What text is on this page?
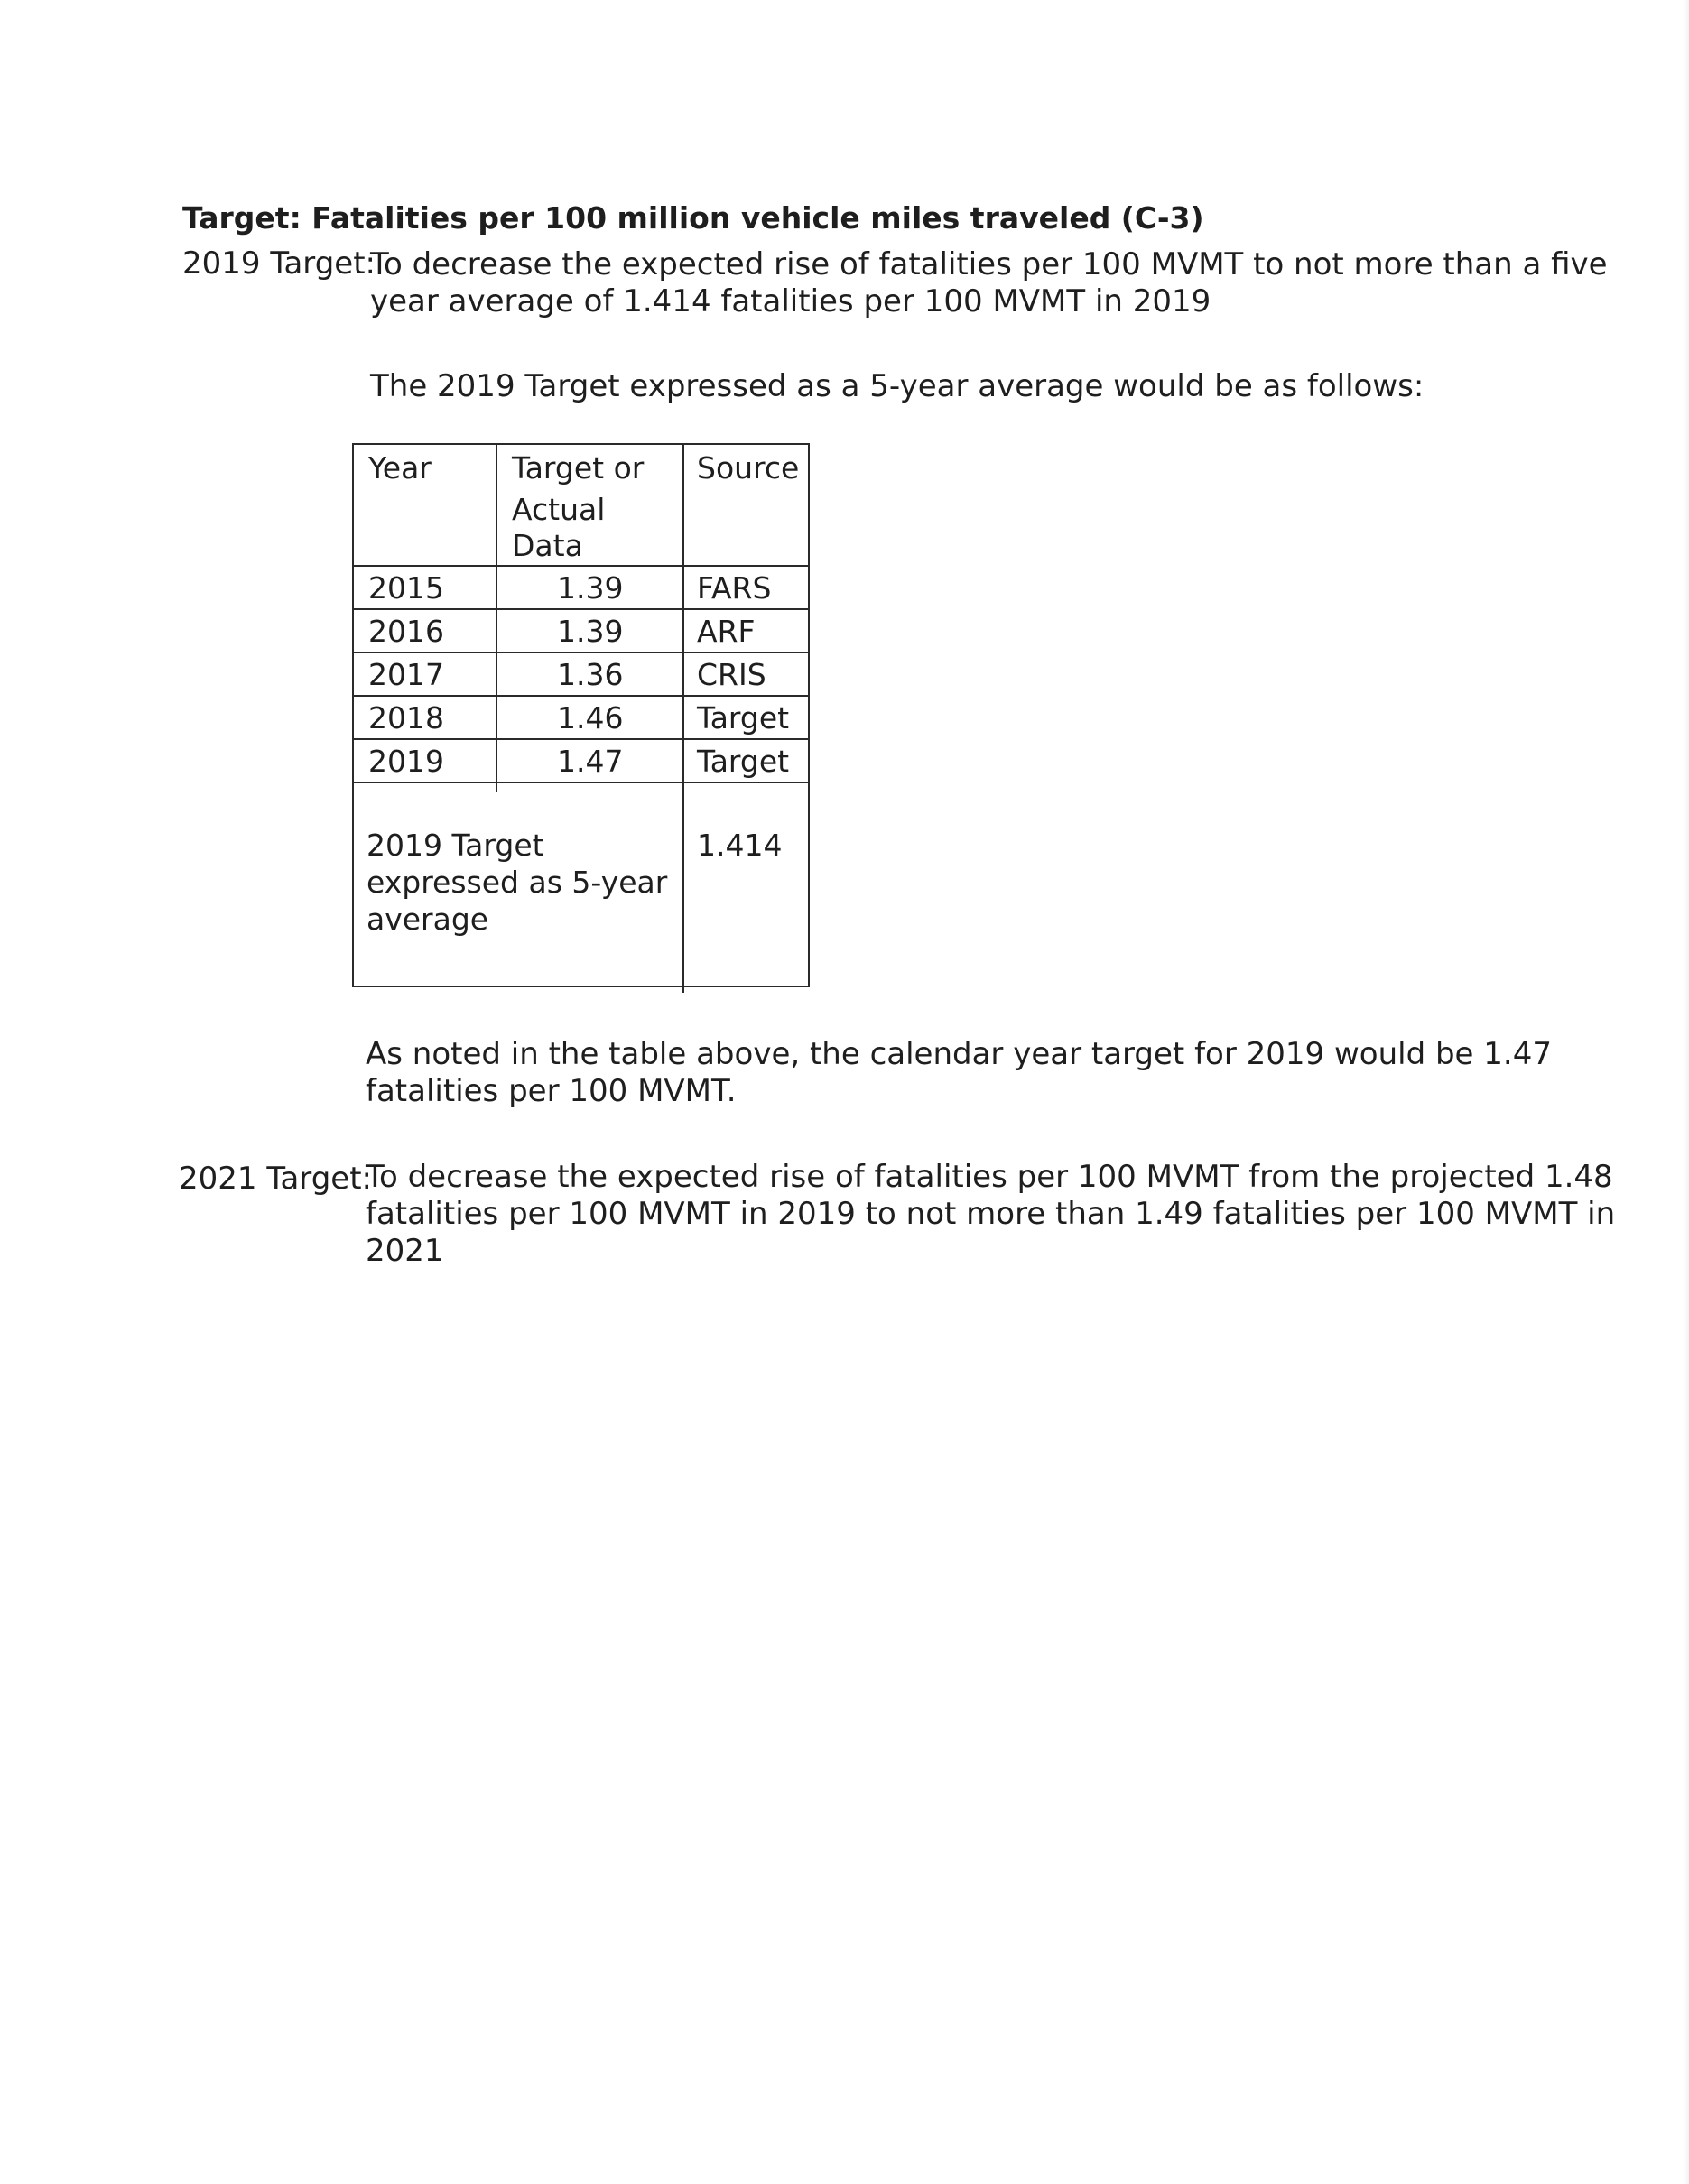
Target: Fatalities per 100 million vehicle miles traveled (C-3)
2019 Target:
To decrease the expected rise of fatalities per 100 MVMT to not more than a five
year average of 1.414 fatalities per 100 MVMT in 2019
The 2019 Target expressed as a 5-year average would be as follows:
Year	Target or
Actual
Data
Source
2015	1.39 FARS
2016	1.39 ARF
2017	1.36 CRIS
2018	1.46 Target
2019	1.47 Target
2019 Target
expressed as 5-year
average
1.414
As noted in the table above, the calendar year target for 2019 would be 1.47
fatalities per 100 MVMT.
2021 Target:
To decrease the expected rise of fatalities per 100 MVMT from the projected 1.48
fatalities per 100 MVMT in 2019 to not more than 1.49 fatalities per 100 MVMT in
2021
